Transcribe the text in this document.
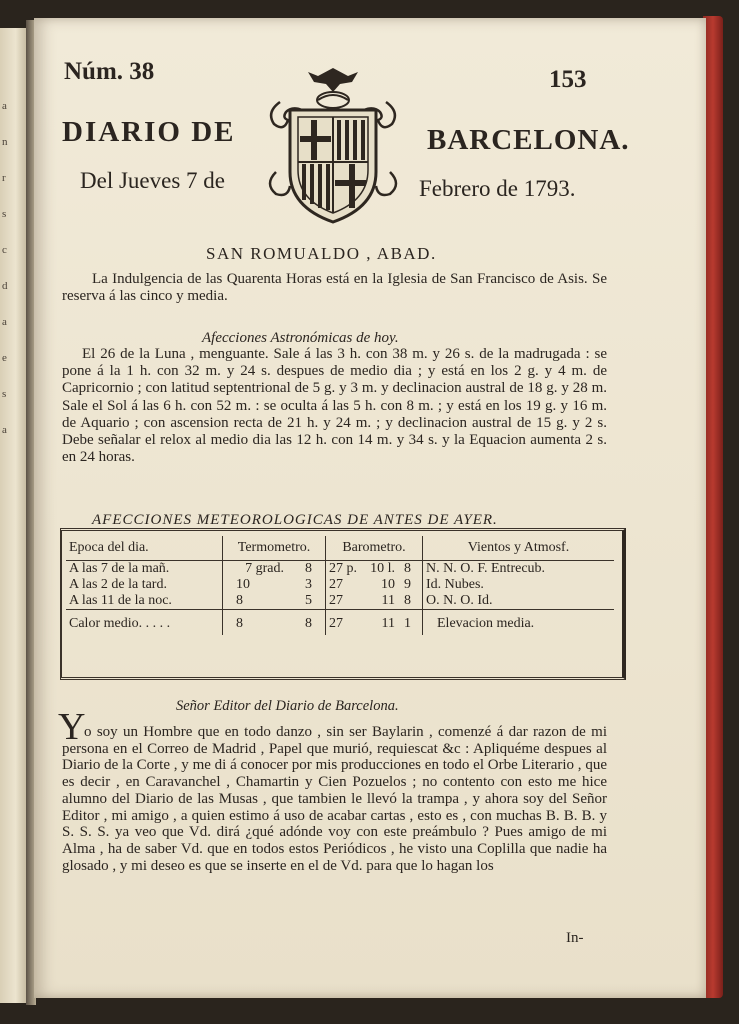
a
n
r
s
c
d
a
e
s
a
Núm. 38	153
DIARIO DE	BARCELONA.
Del Jueves 7 de	Febrero de 1793.
SAN ROMUALDO , ABAD.
La Indulgencia de las Quarenta Horas está en la Iglesia de San Francisco de Asis. Se reserva á las cinco y media.
Afecciones Astronómicas de hoy.
El 26 de la Luna , menguante. Sale á las 3 h. con 38 m. y 26 s. de la madrugada : se pone á la 1 h. con 32 m. y 24 s. despues de medio dia ; y está en los 2 g. y 4 m. de Capricornio ; con latitud septentrional de 5 g. y 3 m. y declinacion austral de 18 g. y 28 m. Sale el Sol á las 6 h. con 52 m. : se oculta á las 5 h. con 8 m. ; y está en los 19 g. y 16 m. de Aquario ; con ascension recta de 21 h. y 24 m. ; y declinacion austral de 15 g. y 2 s. Debe señalar el relox al medio dia las 12 h. con 14 m. y 34 s. y la Equacion aumenta 2 s. en 24 horas.
AFECCIONES METEOROLOGICAS DE ANTES DE AYER.
Epoca del dia.	Termometro.	Barometro.	Vientos y Atmosf.
A las 7 de la mañ.	7 grad. 8	27 p. 10 l. 8	N. N. O. F. Entrecub.
A las 2 de la tard.	10 3	27 10 9	Id. Nubes.
A las 11 de la noc.	8 5	27 11 8	O. N. O. Id.
Calor medio. . . . .	8 8	27 11 1	Elevacion media.
Señor Editor del Diario de Barcelona.
Y
o soy un Hombre que en todo danzo , sin ser Baylarin , comenzé á dar razon de mi persona en el Correo de Madrid , Papel que murió, requiescat &c : Apliquéme despues al Diario de la Corte , y me di á conocer por mis producciones en todo el Orbe Literario , que es decir , en Caravanchel , Chamartin y Cien Pozuelos ; no contento con esto me hice alumno del Diario de las Musas , que tambien le llevó la trampa , y ahora soy del Señor Editor , mi amigo , a quien estimo á uso de acabar cartas , esto es , con muchas B. B. B. y S. S. S. ya veo que Vd. dirá ¿qué adónde voy con este preámbulo ? Pues amigo de mi Alma , ha de saber Vd. que en todos estos Periódicos , he visto una Coplilla que nadie ha glosado , y mi deseo es que se inserte en el de Vd. para que lo hagan los
In-
